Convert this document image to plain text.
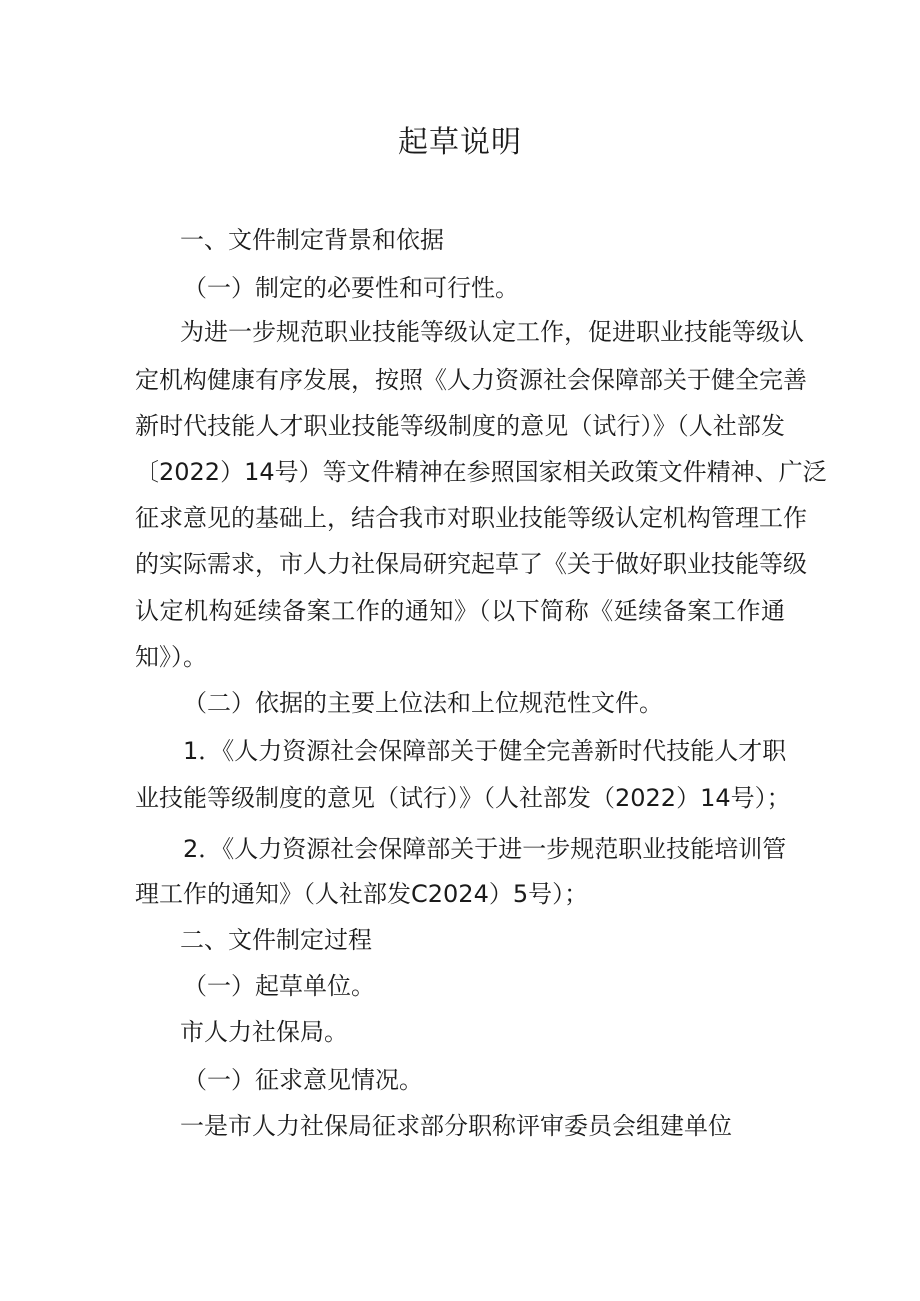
起草说明
一、文件制定背景和依据
（一）制定的必要性和可行性。
为进一步规范职业技能等级认定工作，促进职业技能等级认
定机构健康有序发展，按照《人力资源社会保障部关于健全完善
新时代技能人才职业技能等级制度的意见（试行）》（人社部发
〔2022）14号）等文件精神在参照国家相关政策文件精神、广泛
征求意见的基础上，结合我市对职业技能等级认定机构管理工作
的实际需求，市人力社保局研究起草了《关于做好职业技能等级
认定机构延续备案工作的通知》（以下简称《延续备案工作通
知》）。
（二）依据的主要上位法和上位规范性文件。
1．《人力资源社会保障部关于健全完善新时代技能人才职
业技能等级制度的意见（试行）》（人社部发（2022）14号）；
2．《人力资源社会保障部关于进一步规范职业技能培训管
理工作的通知》（人社部发C2024）5号）；
二、文件制定过程
（一）起草单位。
市人力社保局。
（一）征求意见情况。
一是市人力社保局征求部分职称评审委员会组建单位
